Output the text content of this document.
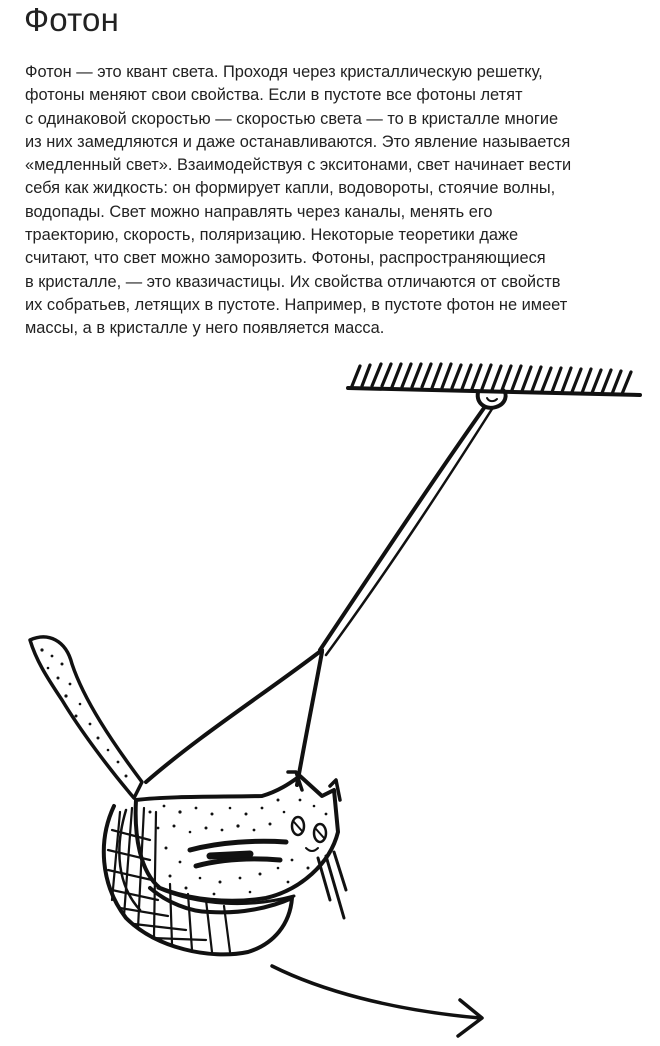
Фотон

Фотон — это квант света. Проходя через кристаллическую решетку,
фотоны меняют свои свойства. Если в пустоте все фотоны летят
с одинаковой скоростью — скоростью света — то в кристалле многие
из них замедляются и даже останавливаются. Это явление называется
«медленный свет». Взаимодействуя с экситонами, свет начинает вести
себя как жидкость: он формирует капли, водовороты, стоячие волны,
водопады. Свет можно направлять через каналы, менять его
траекторию, скорость, поляризацию. Некоторые теоретики даже
считают, что свет можно заморозить. Фотоны, распространяющиеся
в кристалле, — это квазичастицы. Их свойства отличаются от свойств
их собратьев, летящих в пустоте. Например, в пустоте фотон не имеет
массы, а в кристалле у него появляется масса.
